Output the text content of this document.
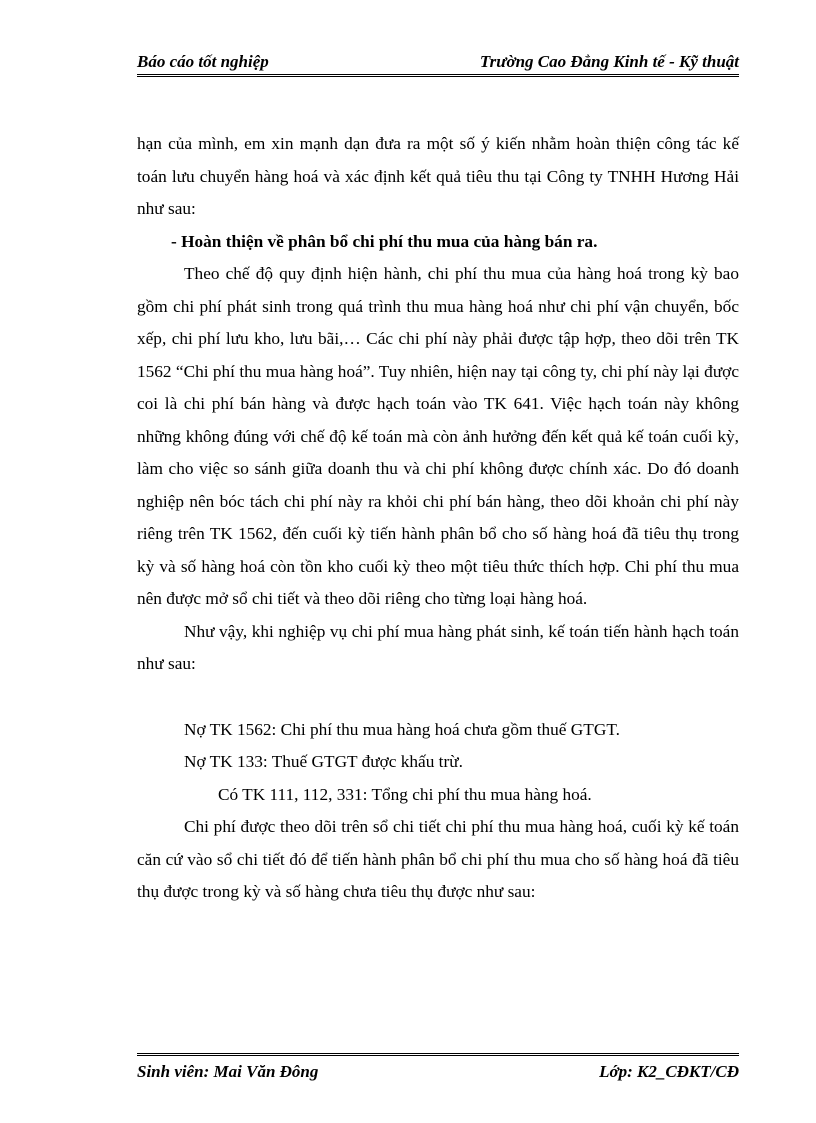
Báo cáo tốt nghiệp	Trường Cao Đẳng Kinh tế - Kỹ thuật

hạn của mình, em xin mạnh dạn đưa ra một số ý kiến nhằm hoàn thiện công tác kế toán lưu chuyển hàng hoá và xác định kết quả tiêu thu tại Công ty TNHH Hương Hải như sau:

- Hoàn thiện về phân bổ chi phí thu mua của hàng bán ra.

Theo chế độ quy định hiện hành, chi phí thu mua của hàng hoá trong kỳ bao gồm chi phí phát sinh trong quá trình thu mua hàng hoá như chi phí vận chuyển, bốc xếp, chi phí lưu kho, lưu bãi,… Các chi phí này phải được tập hợp, theo dõi trên TK 1562 “Chi phí thu mua hàng hoá”. Tuy nhiên, hiện nay tại công ty, chi phí này lại được coi là chi phí bán hàng và được hạch toán vào TK 641. Việc hạch toán này không những không đúng với chế độ kế toán mà còn ảnh hưởng đến kết quả kế toán cuối kỳ, làm cho việc so sánh giữa doanh thu và chi phí không được chính xác. Do đó doanh nghiệp nên bóc tách chi phí này ra khỏi chi phí bán hàng, theo dõi khoản chi phí này riêng trên TK 1562, đến cuối kỳ tiến hành phân bổ cho số hàng hoá đã tiêu thụ trong kỳ và số hàng hoá còn tồn kho cuối kỳ theo một tiêu thức thích hợp. Chi phí thu mua nên được mở sổ chi tiết và theo dõi riêng cho từng loại hàng hoá.

Như vậy, khi nghiệp vụ chi phí mua hàng phát sinh, kế toán tiến hành hạch toán như sau:

Nợ TK 1562: Chi phí thu mua hàng hoá chưa gồm thuế GTGT.

Nợ TK 133: Thuế GTGT được khấu trừ.

Có TK 111, 112, 331: Tổng chi phí thu mua hàng hoá.

Chi phí được theo dõi trên sổ chi tiết chi phí thu mua hàng hoá, cuối kỳ kế toán căn cứ vào sổ chi tiết đó để tiến hành phân bổ chi phí thu mua cho số hàng hoá đã tiêu thụ được trong kỳ và số hàng chưa tiêu thụ được như sau:

Sinh viên: Mai Văn Đông	Lớp: K2_CĐKT/CĐ
